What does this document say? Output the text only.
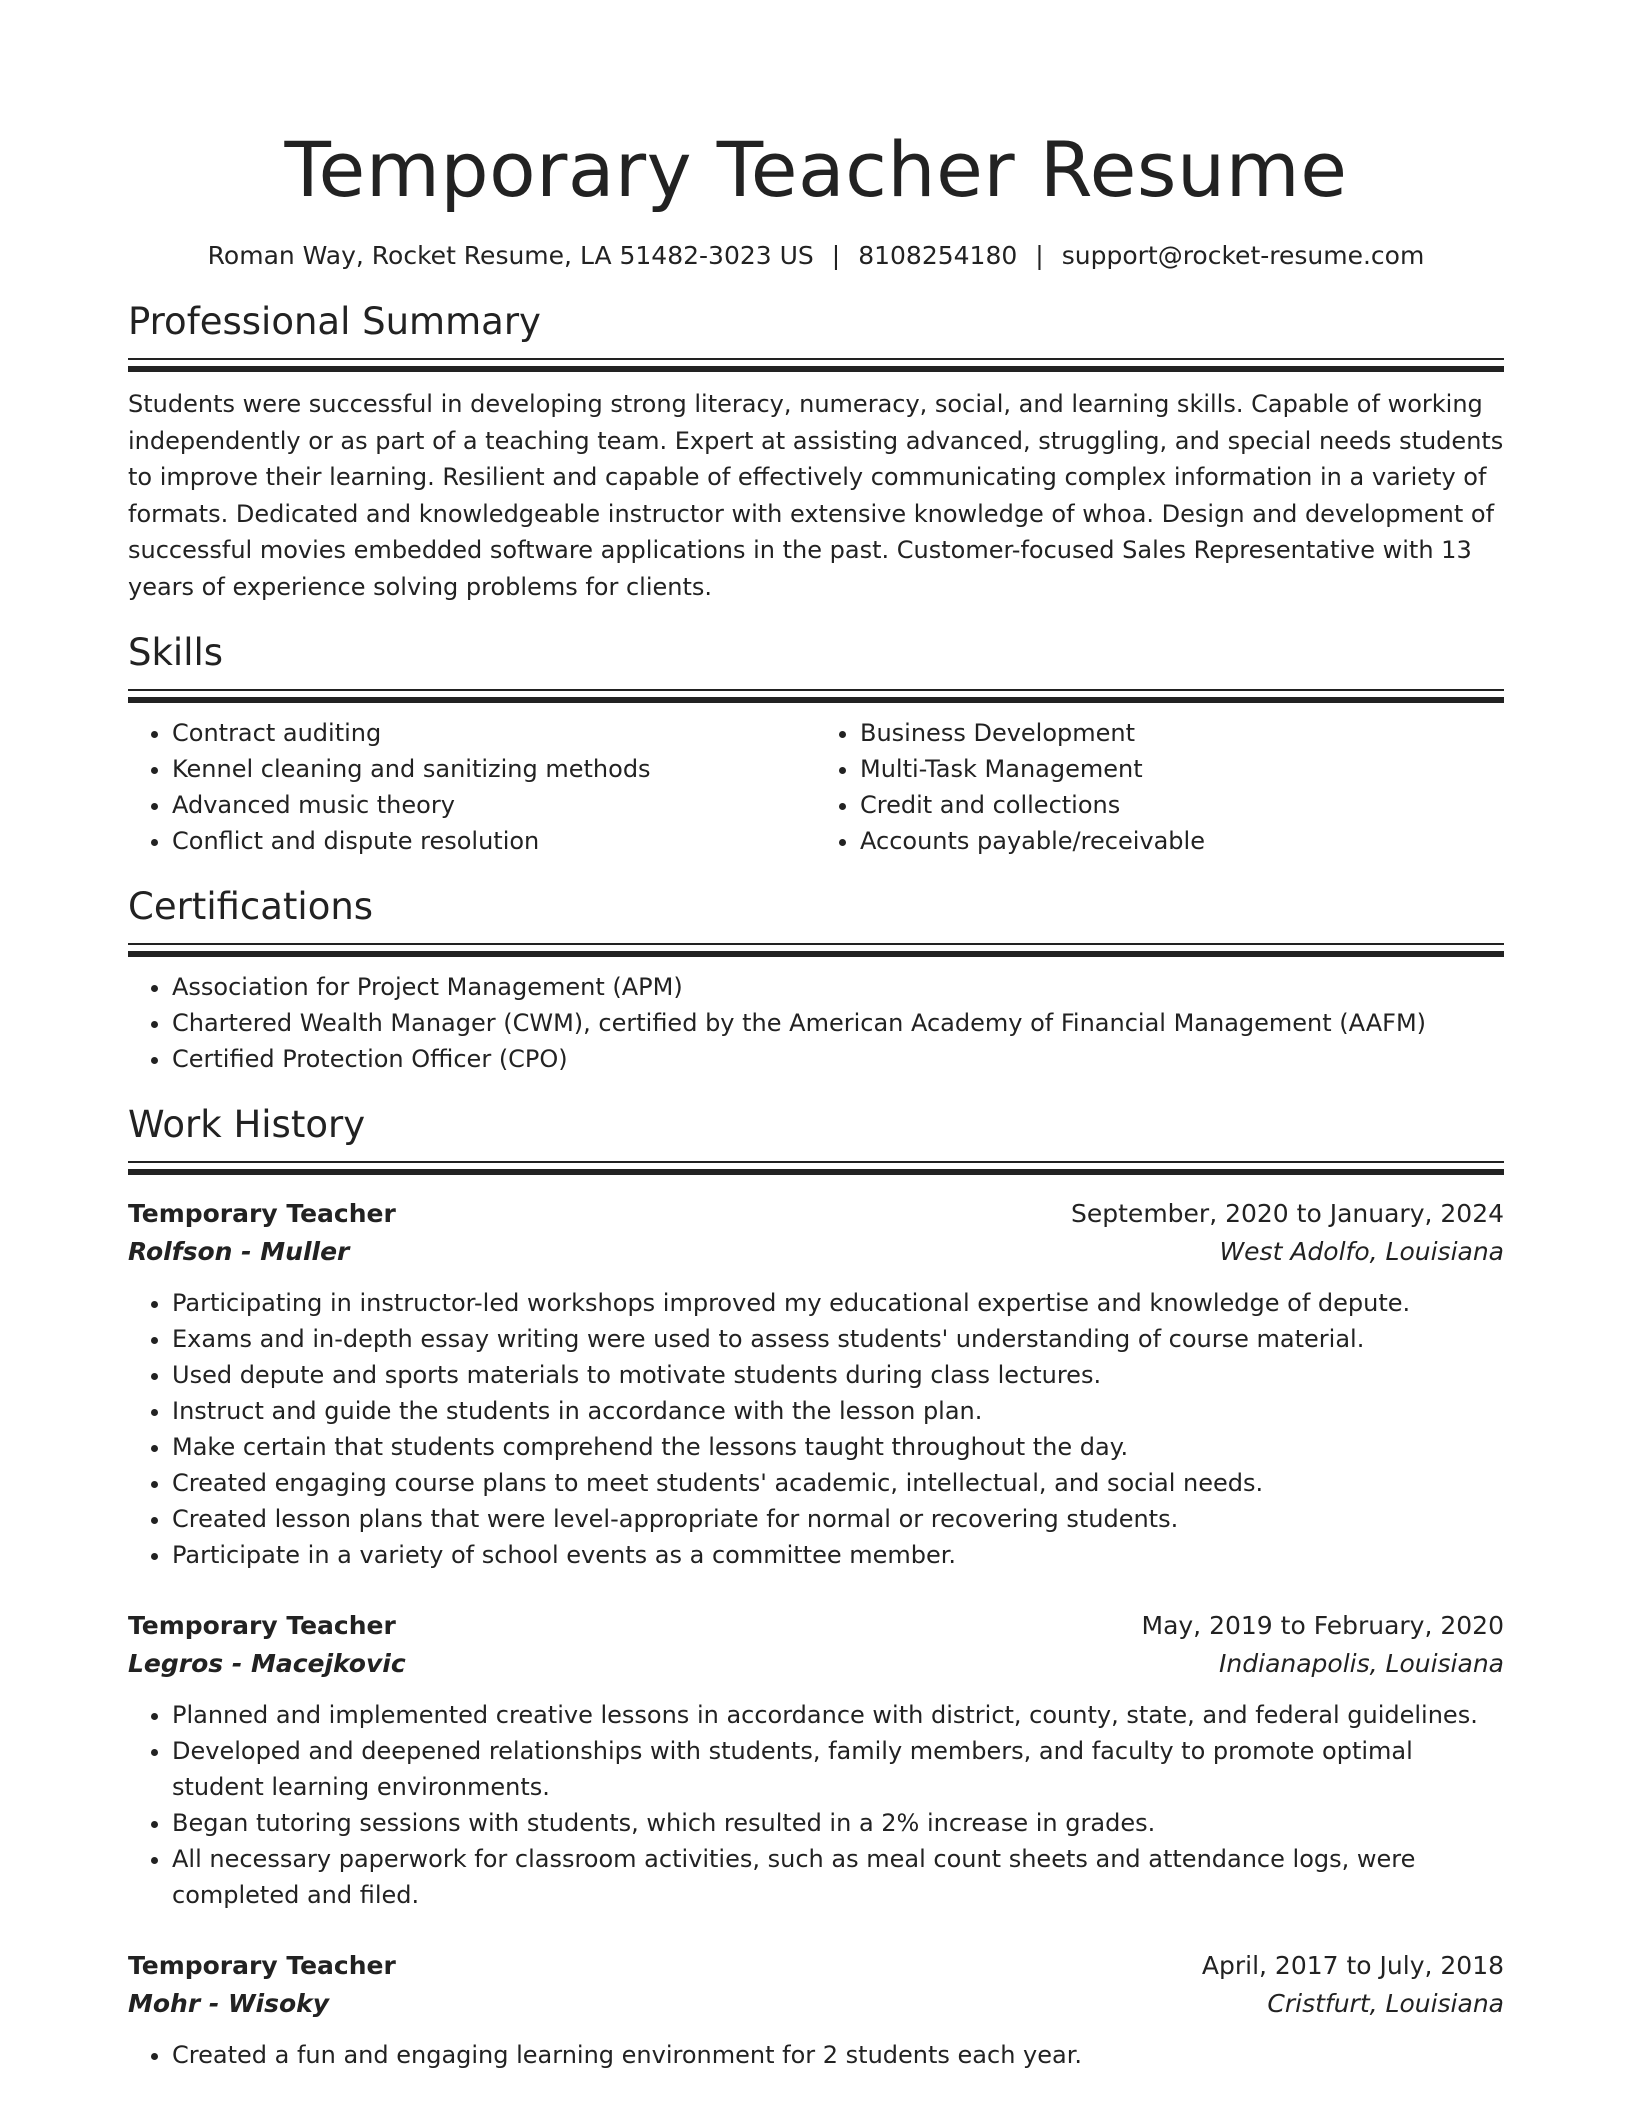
Temporary Teacher Resume
Roman Way, Rocket Resume, LA 51482-3023 US | 8108254180 | support@rocket-resume.com
Professional Summary
Students were successful in developing strong literacy, numeracy, social, and learning skills. Capable of working independently or as part of a teaching team. Expert at assisting advanced, struggling, and special needs students to improve their learning. Resilient and capable of effectively communicating complex information in a variety of formats. Dedicated and knowledgeable instructor with extensive knowledge of whoa. Design and development of successful movies embedded software applications in the past. Customer-focused Sales Representative with 13 years of experience solving problems for clients.
Skills
• Contract auditing
• Kennel cleaning and sanitizing methods
• Advanced music theory
• Conflict and dispute resolution
• Business Development
• Multi-Task Management
• Credit and collections
• Accounts payable/receivable
Certifications
• Association for Project Management (APM)
• Chartered Wealth Manager (CWM), certified by the American Academy of Financial Management (AAFM)
• Certified Protection Officer (CPO)
Work History
Temporary Teacher	September, 2020 to January, 2024
Rolfson - Muller	West Adolfo, Louisiana
• Participating in instructor-led workshops improved my educational expertise and knowledge of depute.
• Exams and in-depth essay writing were used to assess students' understanding of course material.
• Used depute and sports materials to motivate students during class lectures.
• Instruct and guide the students in accordance with the lesson plan.
• Make certain that students comprehend the lessons taught throughout the day.
• Created engaging course plans to meet students' academic, intellectual, and social needs.
• Created lesson plans that were level-appropriate for normal or recovering students.
• Participate in a variety of school events as a committee member.
Temporary Teacher	May, 2019 to February, 2020
Legros - Macejkovic	Indianapolis, Louisiana
• Planned and implemented creative lessons in accordance with district, county, state, and federal guidelines.
• Developed and deepened relationships with students, family members, and faculty to promote optimal student learning environments.
• Began tutoring sessions with students, which resulted in a 2% increase in grades.
• All necessary paperwork for classroom activities, such as meal count sheets and attendance logs, were completed and filed.
Temporary Teacher	April, 2017 to July, 2018
Mohr - Wisoky	Cristfurt, Louisiana
• Created a fun and engaging learning environment for 2 students each year.
